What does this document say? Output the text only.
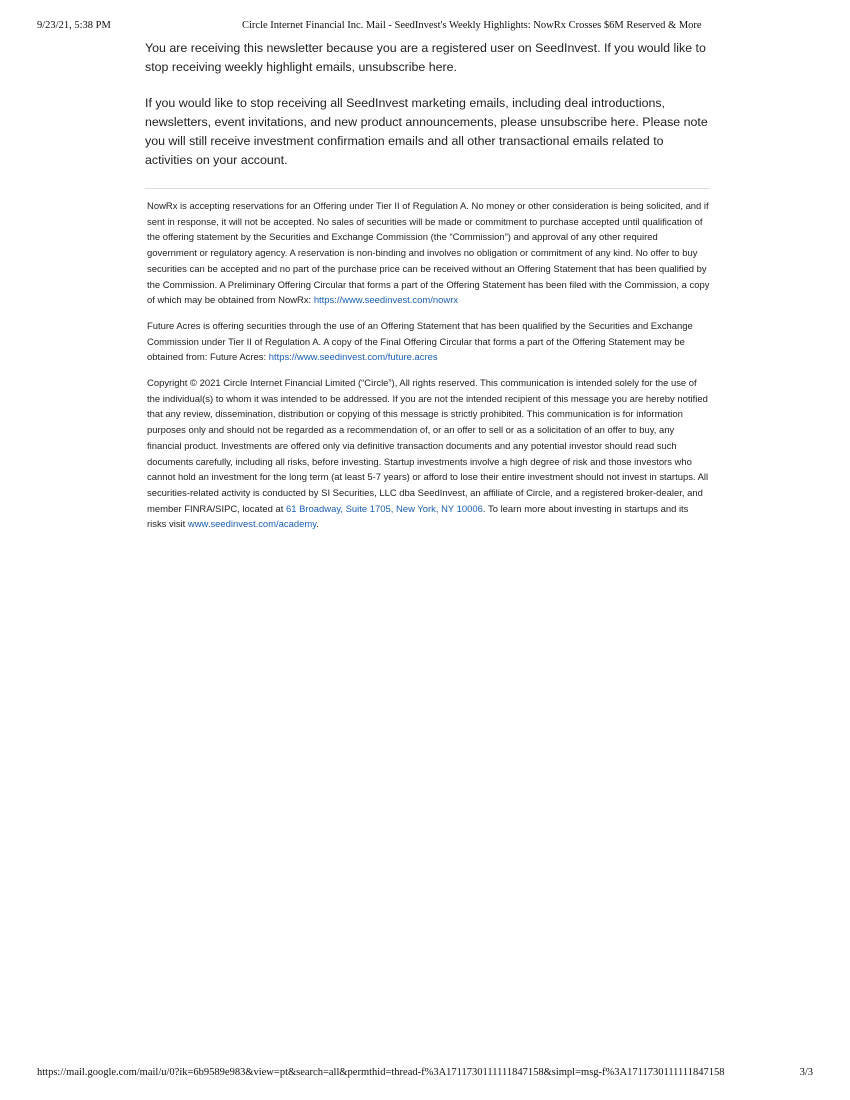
9/23/21, 5:38 PM	Circle Internet Financial Inc. Mail - SeedInvest's Weekly Highlights: NowRx Crosses $6M Reserved & More

You are receiving this newsletter because you are a registered user on SeedInvest. If you would like to stop receiving weekly highlight emails, unsubscribe here.

If you would like to stop receiving all SeedInvest marketing emails, including deal introductions, newsletters, event invitations, and new product announcements, please unsubscribe here. Please note you will still receive investment confirmation emails and all other transactional emails related to activities on your account.

NowRx is accepting reservations for an Offering under Tier II of Regulation A. No money or other consideration is being solicited, and if sent in response, it will not be accepted. No sales of securities will be made or commitment to purchase accepted until qualification of the offering statement by the Securities and Exchange Commission (the “Commission”) and approval of any other required government or regulatory agency. A reservation is non-binding and involves no obligation or commitment of any kind. No offer to buy securities can be accepted and no part of the purchase price can be received without an Offering Statement that has been qualified by the Commission. A Preliminary Offering Circular that forms a part of the Offering Statement has been filed with the Commission, a copy of which may be obtained from NowRx: https://www.seedinvest.com/nowrx

Future Acres is offering securities through the use of an Offering Statement that has been qualified by the Securities and Exchange Commission under Tier II of Regulation A. A copy of the Final Offering Circular that forms a part of the Offering Statement may be obtained from: Future Acres: https://www.seedinvest.com/future.acres

Copyright © 2021 Circle Internet Financial Limited (“Circle”), All rights reserved. This communication is intended solely for the use of the individual(s) to whom it was intended to be addressed. If you are not the intended recipient of this message you are hereby notified that any review, dissemination, distribution or copying of this message is strictly prohibited. This communication is for information purposes only and should not be regarded as a recommendation of, or an offer to sell or as a solicitation of an offer to buy, any financial product. Investments are offered only via definitive transaction documents and any potential investor should read such documents carefully, including all risks, before investing. Startup investments involve a high degree of risk and those investors who cannot hold an investment for the long term (at least 5-7 years) or afford to lose their entire investment should not invest in startups. All securities-related activity is conducted by SI Securities, LLC dba SeedInvest, an affiliate of Circle, and a registered broker-dealer, and member FINRA/SIPC, located at 61 Broadway, Suite 1705, New York, NY 10006. To learn more about investing in startups and its risks visit www.seedinvest.com/academy.

https://mail.google.com/mail/u/0?ik=6b9589e983&view=pt&search=all&permthid=thread-f%3A1711730111111847158&simpl=msg-f%3A1711730111111847158	3/3
